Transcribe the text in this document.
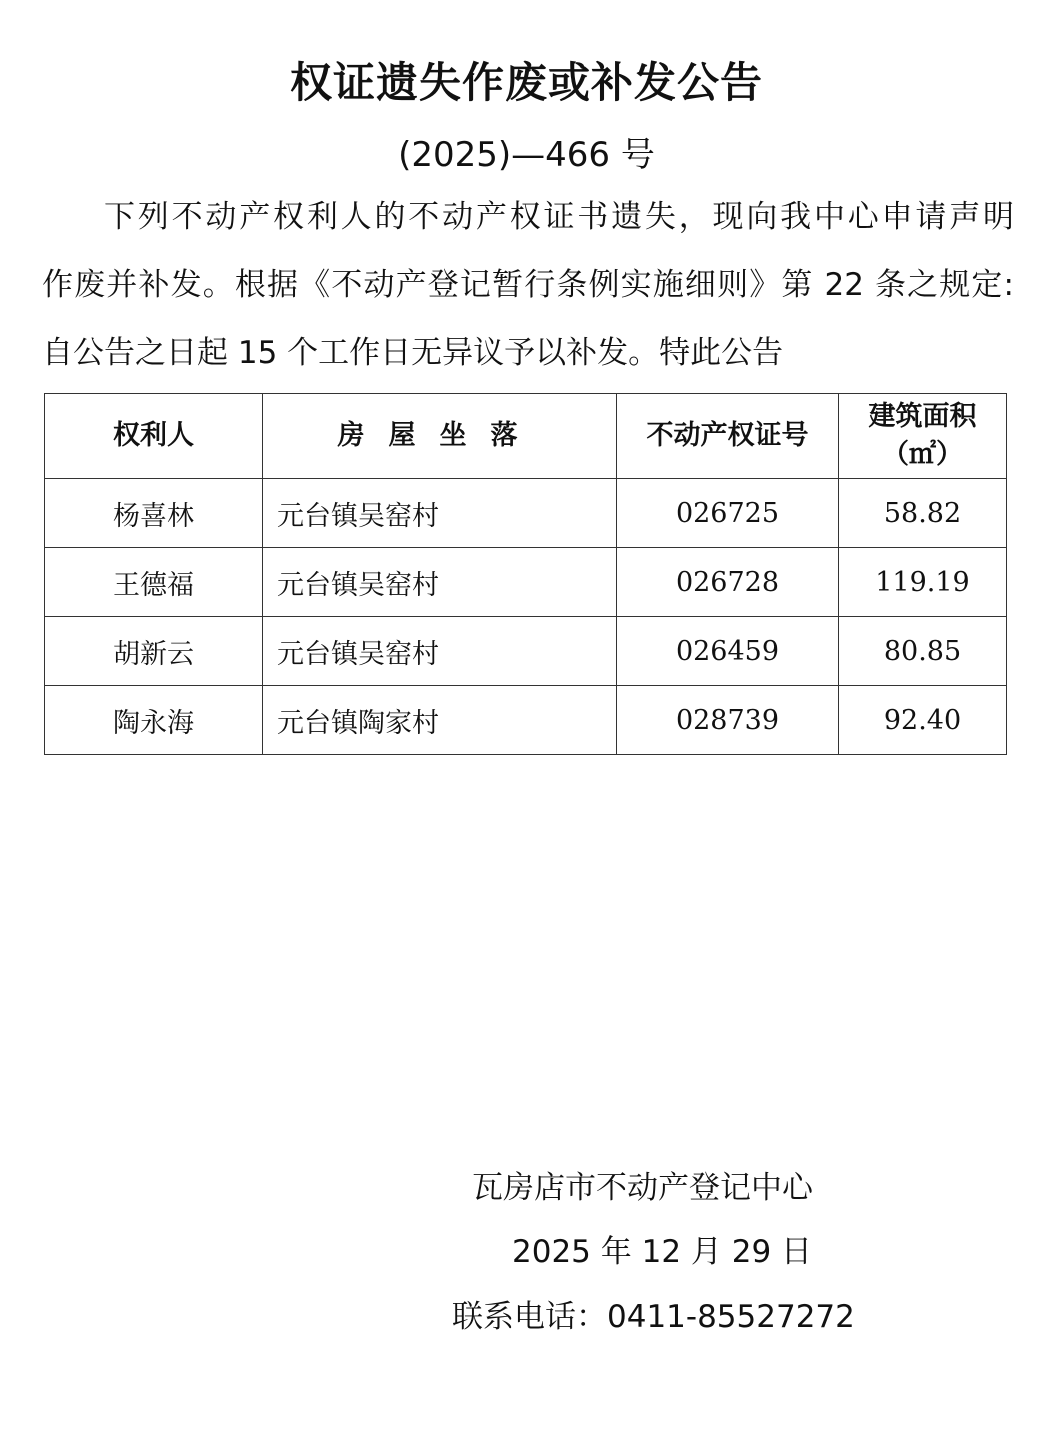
权证遗失作废或补发公告
(2025)—466 号
下列不动产权利人的不动产权证书遗失，现向我中心申请声明
作废并补发。根据《不动产登记暂行条例实施细则》第 22 条之规定:
自公告之日起 15 个工作日无异议予以补发。特此公告
权利人	房屋坐落	不动产权证号	建筑面积
（㎡）

杨喜林	元台镇吴窑村	026725	58.82
王德福	元台镇吴窑村	026728	119.19
胡新云	元台镇吴窑村	026459	80.85
陶永海	元台镇陶家村	028739	92.40
瓦房店市不动产登记中心
2025 年 12 月 29 日
联系电话：0411-85527272
